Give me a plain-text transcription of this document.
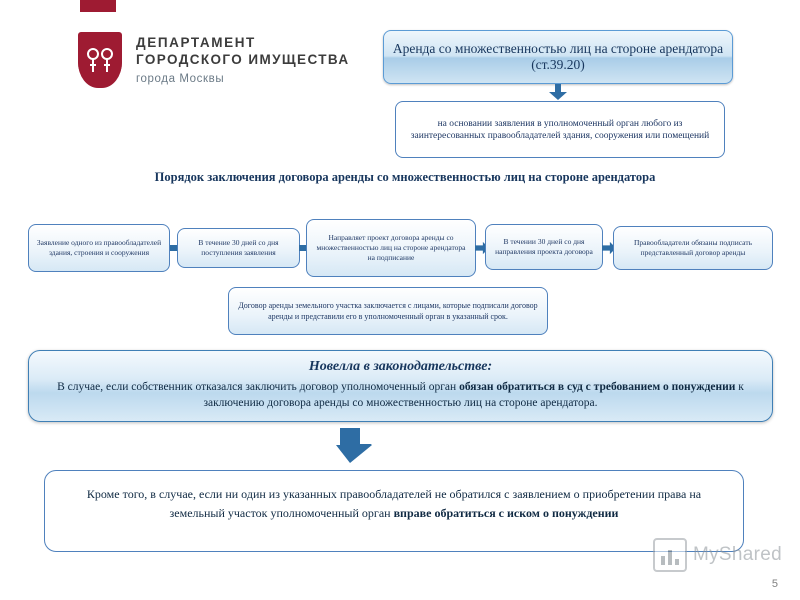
ДЕПАРТАМЕНТ
ГОРОДСКОГО ИМУЩЕСТВА
города Москвы
Аренда со множественностью лиц на стороне арендатора (ст.39.20)
на основании заявления в уполномоченный орган любого из заинтересованных правообладателей здания, сооружения или помещений
Порядок заключения договора аренды со множественностью лиц на стороне арендатора
Заявление одного из правообладателей здания, строения и сооружения
В течение 30 дней со дня поступления заявления
Направляет проект договора аренды со множественностью лиц на стороне арендатора на подписание
В течении 30 дней со дня направления проекта договора
Правообладатели обязаны подписать представленный договор аренды
Договор аренды земельного участка заключается с лицами, которые подписали договор аренды и представили его в уполномоченный орган в указанный срок.
Новелла в законодательстве:
В случае, если собственник отказался заключить договор уполномоченный орган обязан обратиться в суд с требованием о понуждении к заключению договора аренды со множественностью лиц на стороне арендатора.
Кроме того, в случае, если ни один из указанных правообладателей не обратился с заявлением о приобретении права на земельный участок уполномоченный орган вправе обратиться с иском о понуждении
MyShared
5
